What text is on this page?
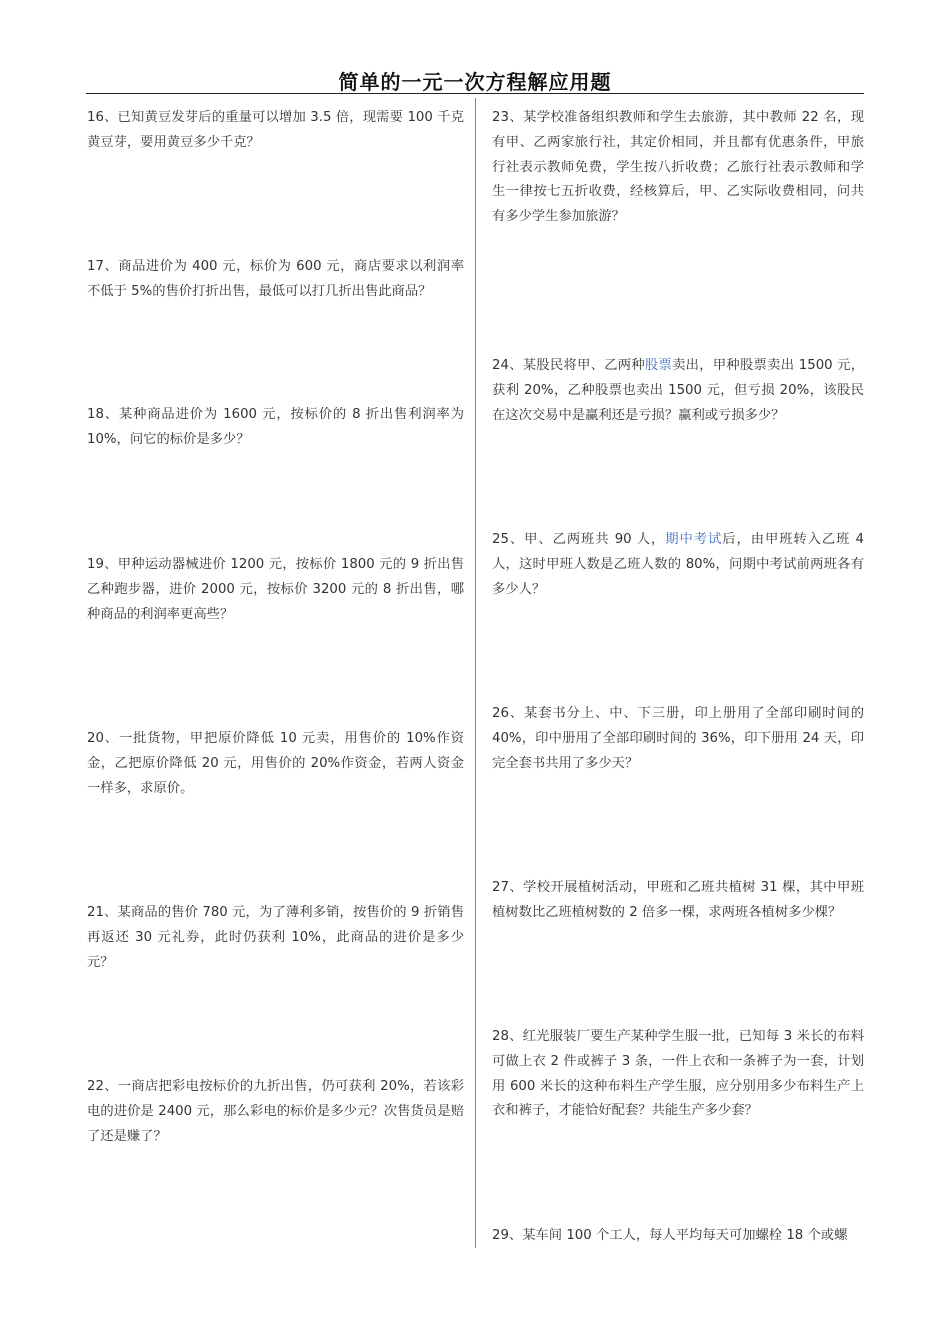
简单的一元一次方程解应用题

16、已知黄豆发芽后的重量可以增加 3.5 倍，现需要 100 千克黄豆芽，要用黄豆多少千克？

17、商品进价为 400 元，标价为 600 元，商店要求以利润率不低于 5%的售价打折出售，最低可以打几折出售此商品？

18、某种商品进价为 1600 元，按标价的 8 折出售利润率为 10%，问它的标价是多少？

19、甲种运动器械进价 1200 元，按标价 1800 元的 9 折出售乙种跑步器，进价 2000 元，按标价 3200 元的 8 折出售，哪种商品的利润率更高些？

20、一批货物，甲把原价降低 10 元卖，用售价的 10%作资金，乙把原价降低 20 元，用售价的 20%作资金，若两人资金一样多，求原价。

21、某商品的售价 780 元，为了薄利多销，按售价的 9 折销售再返还 30 元礼券，此时仍获利 10%，此商品的进价是多少元？

22、一商店把彩电按标价的九折出售，仍可获利 20%，若该彩电的进价是 2400 元，那么彩电的标价是多少元？次售货员是赔了还是赚了？

23、某学校准备组织教师和学生去旅游，其中教师 22 名，现有甲、乙两家旅行社，其定价相同，并且都有优惠条件，甲旅行社表示教师免费，学生按八折收费；乙旅行社表示教师和学生一律按七五折收费，经核算后，甲、乙实际收费相同，问共有多少学生参加旅游？

24、某股民将甲、乙两种股票卖出，甲种股票卖出 1500 元，获利 20%，乙种股票也卖出 1500 元，但亏损 20%，该股民在这次交易中是赢利还是亏损？赢利或亏损多少？

25、甲、乙两班共 90 人，期中考试后，由甲班转入乙班 4 人，这时甲班人数是乙班人数的 80%，问期中考试前两班各有多少人？

26、某套书分上、中、下三册，印上册用了全部印刷时间的 40%，印中册用了全部印刷时间的 36%，印下册用 24 天，印完全套书共用了多少天？

27、学校开展植树活动，甲班和乙班共植树 31 棵，其中甲班植树数比乙班植树数的 2 倍多一棵，求两班各植树多少棵？

28、红光服装厂要生产某种学生服一批，已知每 3 米长的布料可做上衣 2 件或裤子 3 条，一件上衣和一条裤子为一套，计划用 600 米长的这种布料生产学生服，应分别用多少布料生产上衣和裤子，才能恰好配套？共能生产多少套？

29、某车间 100 个工人，每人平均每天可加螺栓 18 个或螺
